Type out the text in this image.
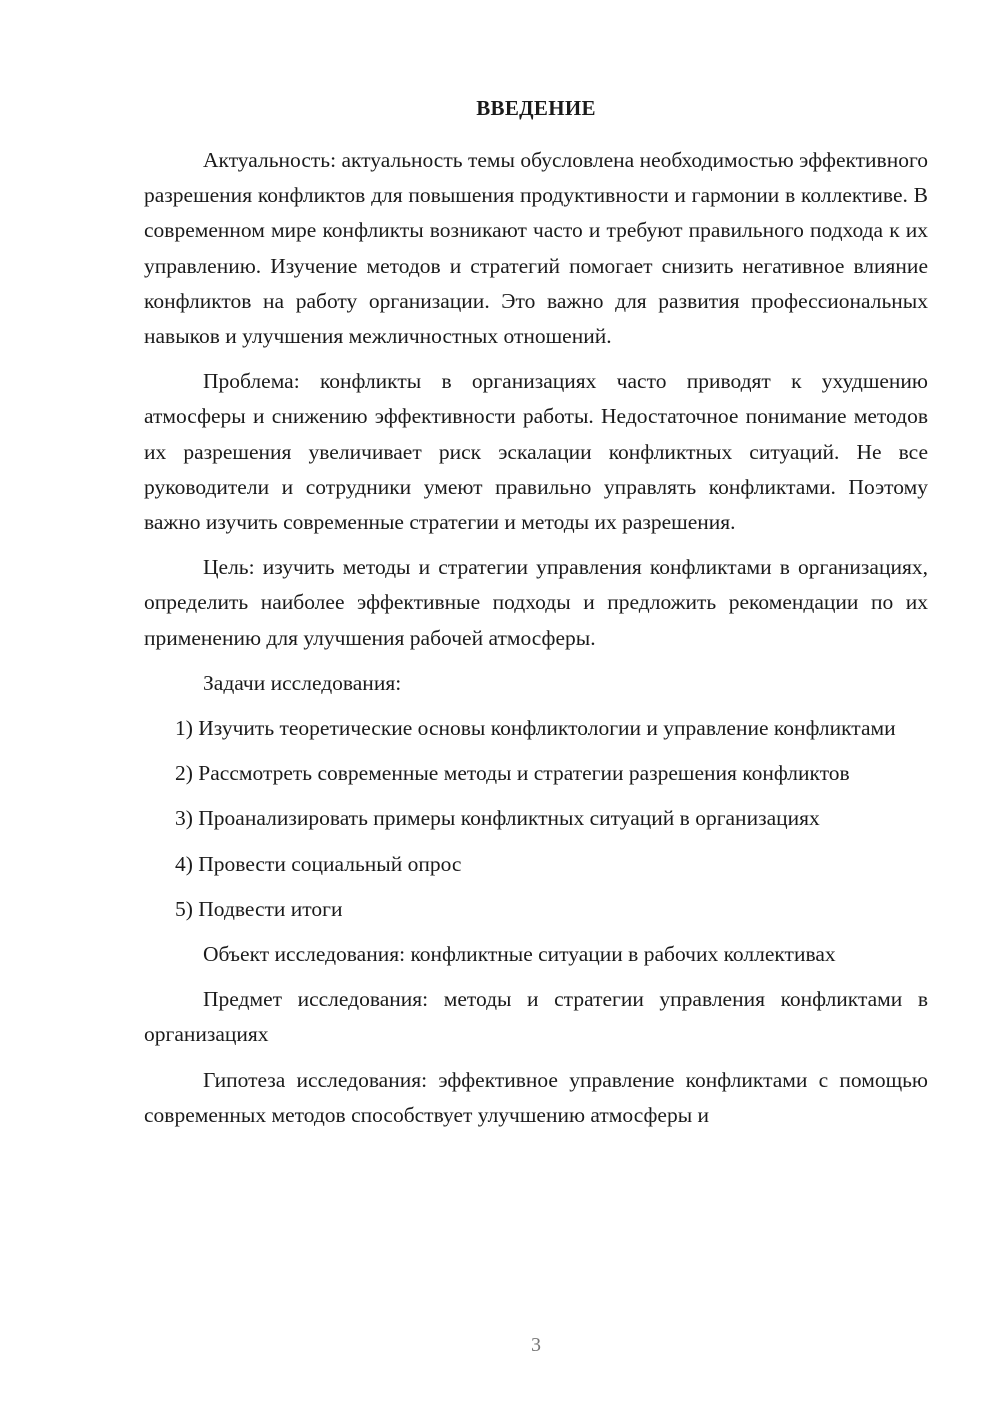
ВВЕДЕНИЕ

Актуальность: актуальность темы обусловлена необходимостью эффективного разрешения конфликтов для повышения продуктивности и гармонии в коллективе. В современном мире конфликты возникают часто и требуют правильного подхода к их управлению. Изучение методов и стратегий помогает снизить негативное влияние конфликтов на работу организации. Это важно для развития профессиональных навыков и улучшения межличностных отношений.

Проблема: конфликты в организациях часто приводят к ухудшению атмосферы и снижению эффективности работы. Недостаточное понимание методов их разрешения увеличивает риск эскалации конфликтных ситуаций. Не все руководители и сотрудники умеют правильно управлять конфликтами. Поэтому важно изучить современные стратегии и методы их разрешения.

Цель: изучить методы и стратегии управления конфликтами в организациях, определить наиболее эффективные подходы и предложить рекомендации по их применению для улучшения рабочей атмосферы.

Задачи исследования:

1) Изучить теоретические основы конфликтологии и управление конфликтами

2) Рассмотреть современные методы и стратегии разрешения конфликтов

3) Проанализировать примеры конфликтных ситуаций в организациях

4) Провести социальный опрос

5) Подвести итоги

Объект исследования: конфликтные ситуации в рабочих коллективах

Предмет исследования: методы и стратегии управления конфликтами в организациях

Гипотеза исследования: эффективное управление конфликтами с помощью современных методов способствует улучшению атмосферы и

3
